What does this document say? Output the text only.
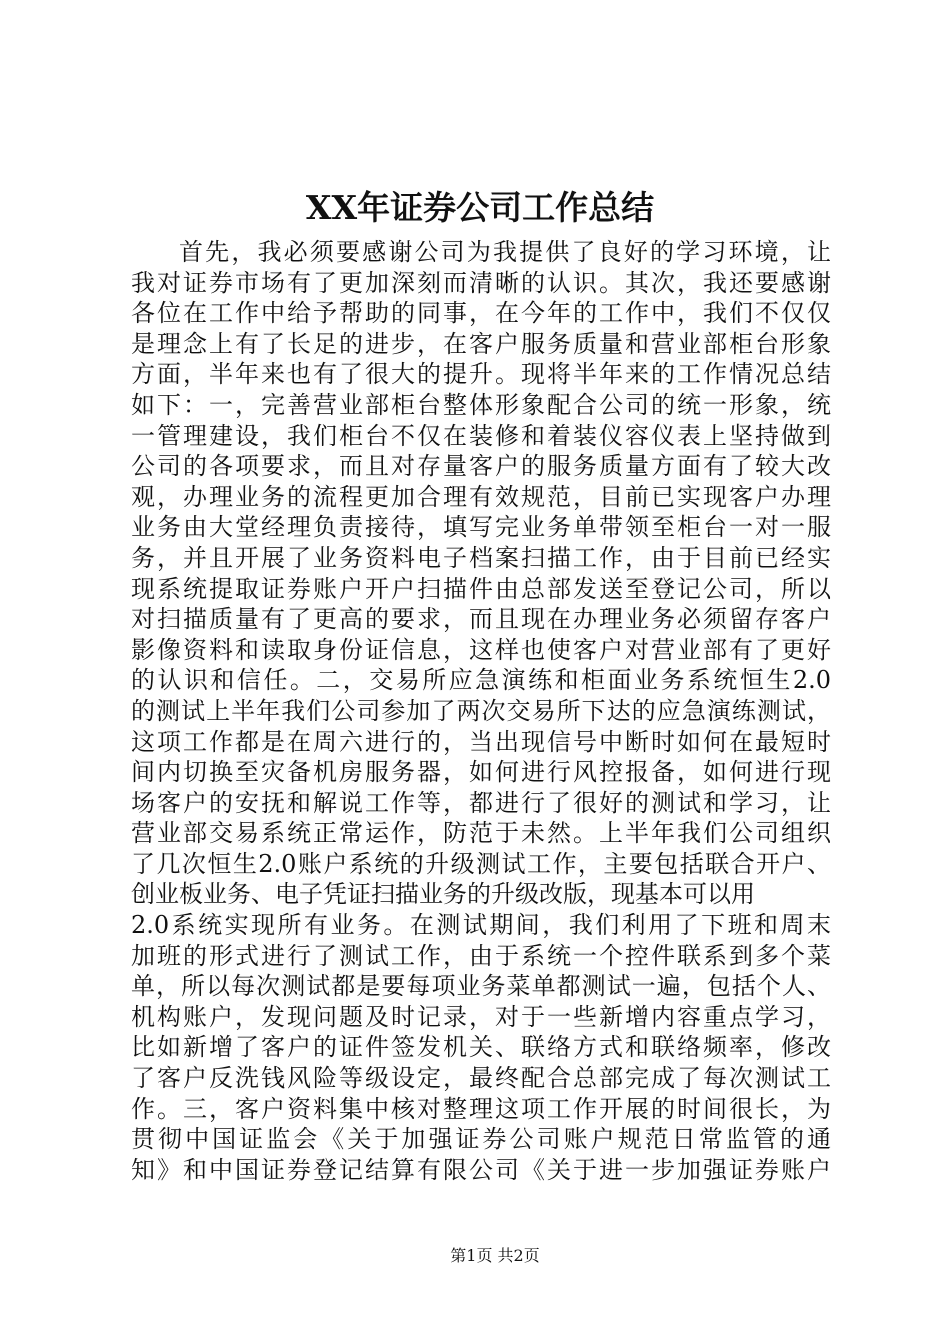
XX年证券公司工作总结
首先，我必须要感谢公司为我提供了良好的学习环境，让
我对证券市场有了更加深刻而清晰的认识。其次，我还要感谢
各位在工作中给予帮助的同事，在今年的工作中，我们不仅仅
是理念上有了长足的进步，在客户服务质量和营业部柜台形象
方面，半年来也有了很大的提升。现将半年来的工作情况总结
如下：一，完善营业部柜台整体形象配合公司的统一形象，统
一管理建设，我们柜台不仅在装修和着装仪容仪表上坚持做到
公司的各项要求，而且对存量客户的服务质量方面有了较大改
观，办理业务的流程更加合理有效规范，目前已实现客户办理
业务由大堂经理负责接待，填写完业务单带领至柜台一对一服
务，并且开展了业务资料电子档案扫描工作，由于目前已经实
现系统提取证券账户开户扫描件由总部发送至登记公司，所以
对扫描质量有了更高的要求，而且现在办理业务必须留存客户
影像资料和读取身份证信息，这样也使客户对营业部有了更好
的认识和信任。二，交易所应急演练和柜面业务系统恒生2.0
的测试上半年我们公司参加了两次交易所下达的应急演练测试，
这项工作都是在周六进行的，当出现信号中断时如何在最短时
间内切换至灾备机房服务器，如何进行风控报备，如何进行现
场客户的安抚和解说工作等，都进行了很好的测试和学习，让
营业部交易系统正常运作，防范于未然。上半年我们公司组织
了几次恒生2.0账户系统的升级测试工作，主要包括联合开户、
创业板业务、电子凭证扫描业务的升级改版，现基本可以用
2.0系统实现所有业务。在测试期间，我们利用了下班和周末
加班的形式进行了测试工作，由于系统一个控件联系到多个菜
单，所以每次测试都是要每项业务菜单都测试一遍，包括个人、
机构账户，发现问题及时记录，对于一些新增内容重点学习，
比如新增了客户的证件签发机关、联络方式和联络频率，修改
了客户反洗钱风险等级设定，最终配合总部完成了每次测试工
作。三，客户资料集中核对整理这项工作开展的时间很长，为
贯彻中国证监会《关于加强证券公司账户规范日常监管的通
知》和中国证券登记结算有限公司《关于进一步加强证券账户
第1页 共2页
